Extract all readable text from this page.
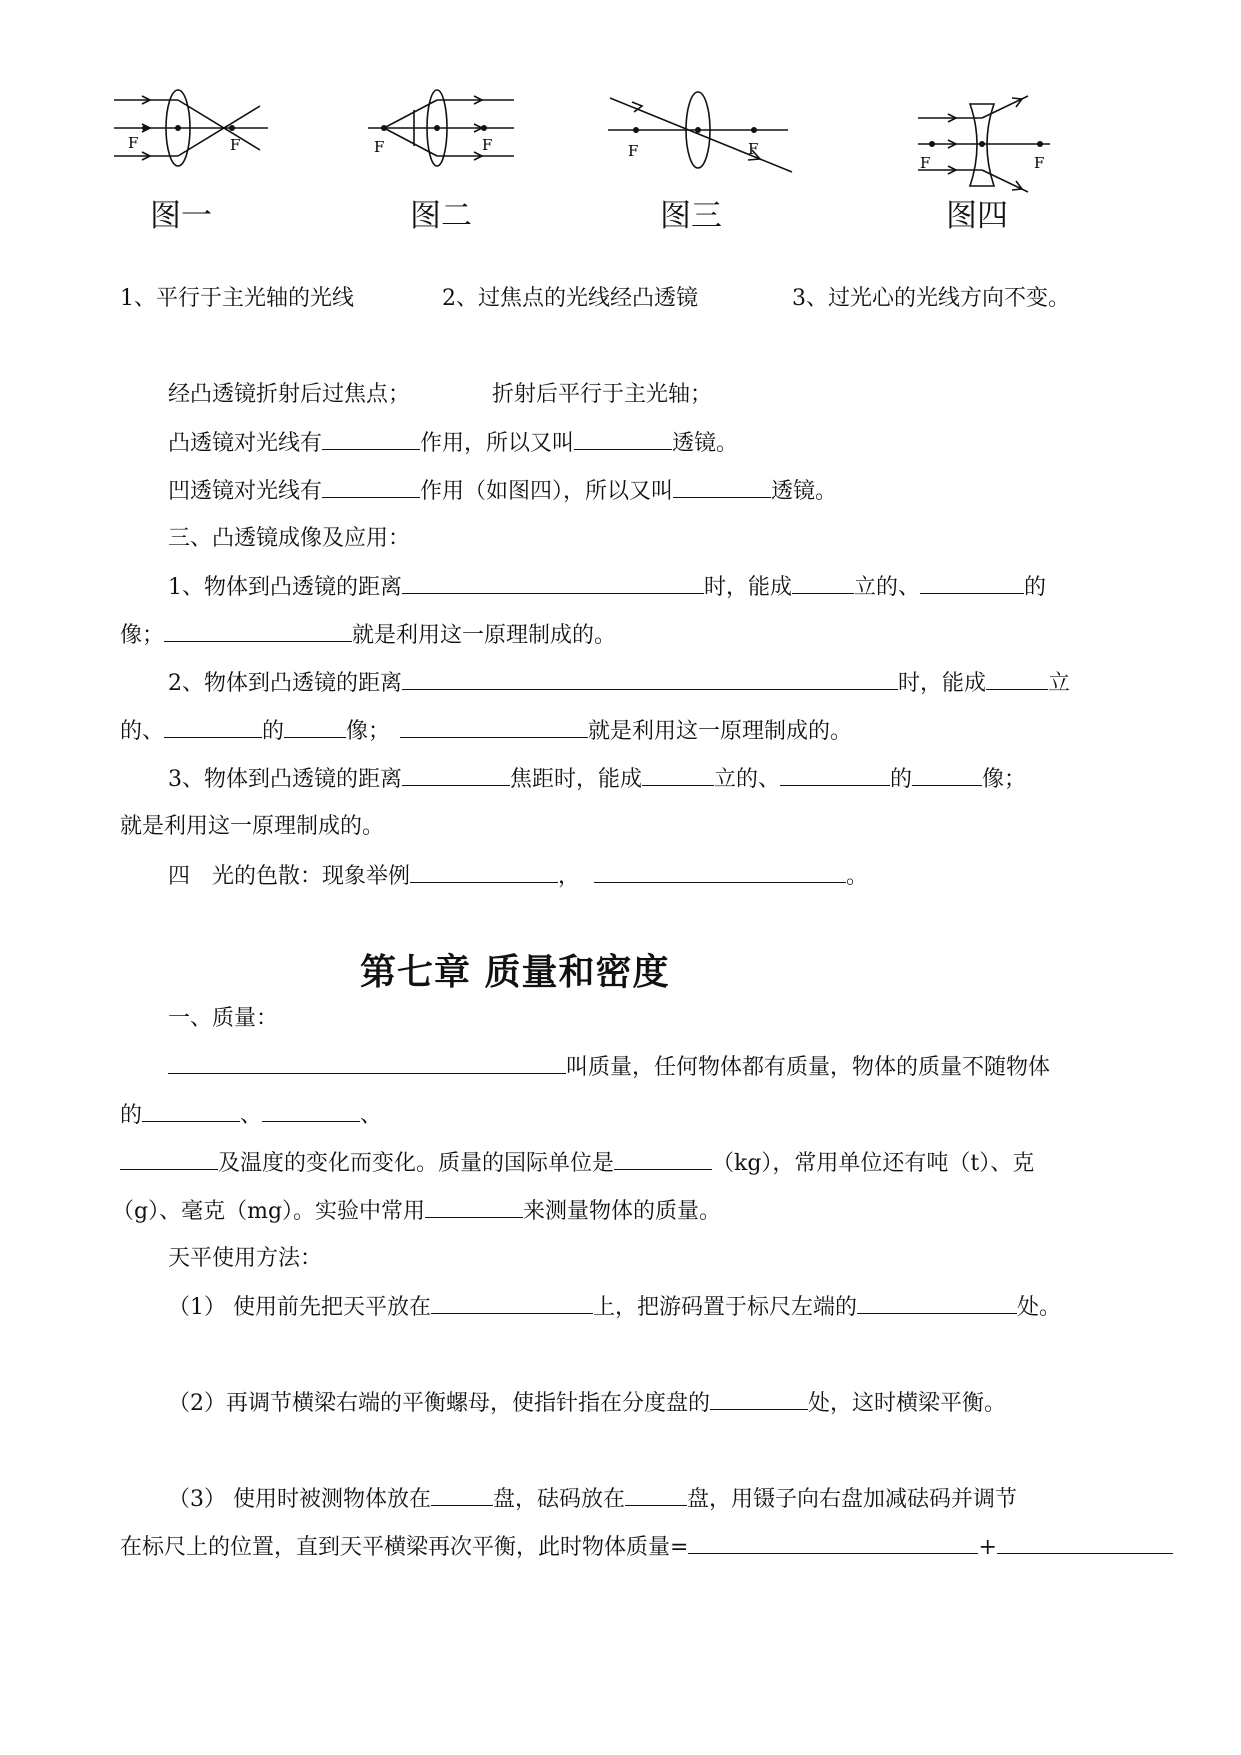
F	F
图一
F	F
图二
F	F
图三
F	F
图四
1、平行于主光轴的光线	2、过焦点的光线经凸透镜	3、过光心的光线方向不变。
经凸透镜折射后过焦点；	折射后平行于主光轴；
凸透镜对光线有	作用，所以又叫	透镜。
凹透镜对光线有	作用（如图四），所以又叫	透镜。
三、凸透镜成像及应用：
1、物体到凸透镜的距离	时，能成	立的、	的
像；	就是利用这一原理制成的。
2、物体到凸透镜的距离	时，能成	立
的、	的	像；	就是利用这一原理制成的。
3、物体到凸透镜的距离	焦距时，能成	立的、	的	像；
就是利用这一原理制成的。
四　光的色散：现象举例	，	。
第七章 质量和密度
一、质量：
叫质量，任何物体都有质量，物体的质量不随物体
的	、	、
及温度的变化而变化。质量的国际单位是	（kg），常用单位还有吨（t）、克
（g）、毫克（mg）。实验中常用	来测量物体的质量。
天平使用方法：
（1） 使用前先把天平放在	上，把游码置于标尺左端的	处。
（2）再调节横梁右端的平衡螺母，使指针指在分度盘的	处，这时横梁平衡。
（3） 使用时被测物体放在	盘，砝码放在	盘，用镊子向右盘加减砝码并调节
在标尺上的位置，直到天平横梁再次平衡，此时物体质量=	+
